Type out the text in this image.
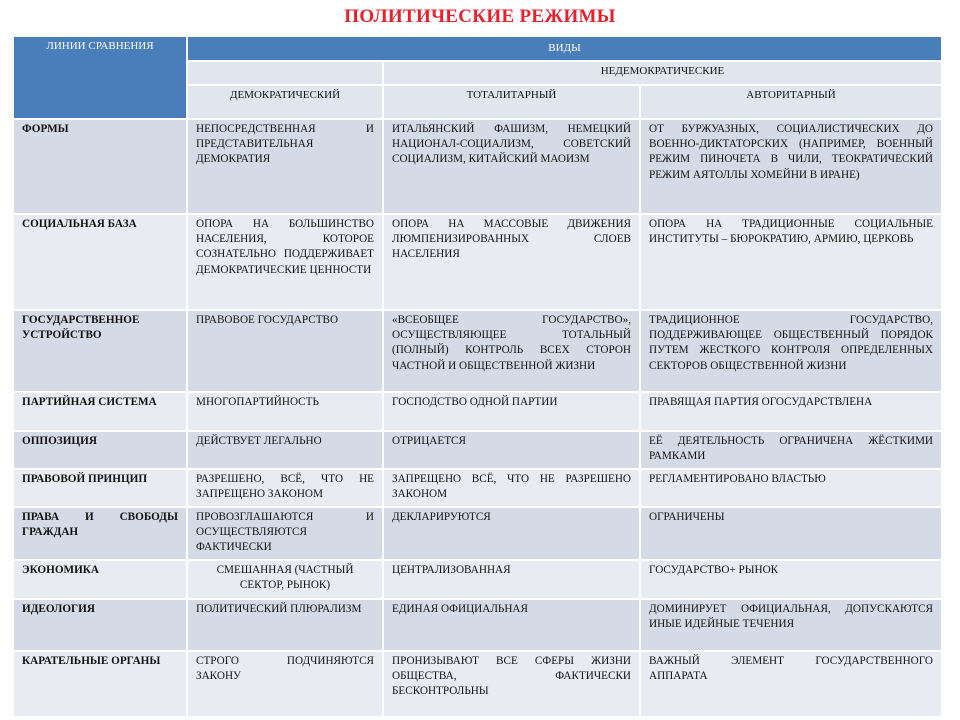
ПОЛИТИЧЕСКИЕ РЕЖИМЫ
ЛИНИИ СРАВНЕНИЯ	ВИДЫ		
		НЕДЕМОКРАТИЧЕСКИЕ	
	ДЕМОКРАТИЧЕСКИЙ	ТОТАЛИТАРНЫЙ	АВТОРИТАРНЫЙ
ФОРМЫ	НЕПОСРЕДСТВЕННАЯ И ПРЕДСТАВИТЕЛЬНАЯ ДЕМОКРАТИЯ	ИТАЛЬЯНСКИЙ ФАШИЗМ, НЕМЕЦКИЙ НАЦИОНАЛ-СОЦИАЛИЗМ, СОВЕТСКИЙ СОЦИАЛИЗМ, КИТАЙСКИЙ МАОИЗМ	ОТ БУРЖУАЗНЫХ, СОЦИАЛИСТИЧЕСКИХ ДО ВОЕННО-ДИКТАТОРСКИХ (НАПРИМЕР, ВОЕННЫЙ РЕЖИМ ПИНОЧЕТА В ЧИЛИ, ТЕОКРАТИЧЕСКИЙ РЕЖИМ АЯТОЛЛЫ ХОМЕЙНИ В ИРАНЕ)
СОЦИАЛЬНАЯ БАЗА	ОПОРА НА БОЛЬШИНСТВО НАСЕЛЕНИЯ, КОТОРОЕ СОЗНАТЕЛЬНО ПОДДЕРЖИВАЕТ ДЕМОКРАТИЧЕСКИЕ ЦЕННОСТИ	ОПОРА НА МАССОВЫЕ ДВИЖЕНИЯ ЛЮМПЕНИЗИРОВАННЫХ СЛОЕВ НАСЕЛЕНИЯ	ОПОРА НА ТРАДИЦИОННЫЕ СОЦИАЛЬНЫЕ ИНСТИТУТЫ – БЮРОКРАТИЮ, АРМИЮ, ЦЕРКОВЬ
ГОСУДАРСТВЕННОЕ УСТРОЙСТВО	ПРАВОВОЕ ГОСУДАРСТВО	«ВСЕОБЩЕЕ ГОСУДАРСТВО», ОСУЩЕСТВЛЯЮЩЕЕ ТОТАЛЬНЫЙ (ПОЛНЫЙ) КОНТРОЛЬ ВСЕХ СТОРОН ЧАСТНОЙ И ОБЩЕСТВЕННОЙ ЖИЗНИ	ТРАДИЦИОННОЕ ГОСУДАРСТВО, ПОДДЕРЖИВАЮЩЕЕ ОБЩЕСТВЕННЫЙ ПОРЯДОК ПУТЕМ ЖЕСТКОГО КОНТРОЛЯ ОПРЕДЕЛЕННЫХ СЕКТОРОВ ОБЩЕСТВЕННОЙ ЖИЗНИ
ПАРТИЙНАЯ СИСТЕМА	МНОГОПАРТИЙНОСТЬ	ГОСПОДСТВО ОДНОЙ ПАРТИИ	ПРАВЯЩАЯ ПАРТИЯ ОГОСУДАРСТВЛЕНА
ОППОЗИЦИЯ	ДЕЙСТВУЕТ ЛЕГАЛЬНО	ОТРИЦАЕТСЯ	ЕЁ ДЕЯТЕЛЬНОСТЬ ОГРАНИЧЕНА ЖЁСТКИМИ РАМКАМИ
ПРАВОВОЙ ПРИНЦИП	РАЗРЕШЕНО, ВСЁ, ЧТО НЕ ЗАПРЕЩЕНО ЗАКОНОМ	ЗАПРЕЩЕНО ВСЁ, ЧТО НЕ РАЗРЕШЕНО ЗАКОНОМ	РЕГЛАМЕНТИРОВАНО ВЛАСТЬЮ
ПРАВА И СВОБОДЫ ГРАЖДАН	ПРОВОЗГЛАШАЮТСЯ И ОСУЩЕСТВЛЯЮТСЯ ФАКТИЧЕСКИ	ДЕКЛАРИРУЮТСЯ	ОГРАНИЧЕНЫ
ЭКОНОМИКА	СМЕШАННАЯ (ЧАСТНЫЙ СЕКТОР, РЫНОК)	ЦЕНТРАЛИЗОВАННАЯ	ГОСУДАРСТВО+ РЫНОК
ИДЕОЛОГИЯ	ПОЛИТИЧЕСКИЙ ПЛЮРАЛИЗМ	ЕДИНАЯ ОФИЦИАЛЬНАЯ	ДОМИНИРУЕТ ОФИЦИАЛЬНАЯ, ДОПУСКАЮТСЯ ИНЫЕ ИДЕЙНЫЕ ТЕЧЕНИЯ
КАРАТЕЛЬНЫЕ ОРГАНЫ	СТРОГО ПОДЧИНЯЮТСЯ ЗАКОНУ	ПРОНИЗЫВАЮТ ВСЕ СФЕРЫ ЖИЗНИ ОБЩЕСТВА, ФАКТИЧЕСКИ БЕСКОНТРОЛЬНЫ	ВАЖНЫЙ ЭЛЕМЕНТ ГОСУДАРСТВЕННОГО АППАРАТА
